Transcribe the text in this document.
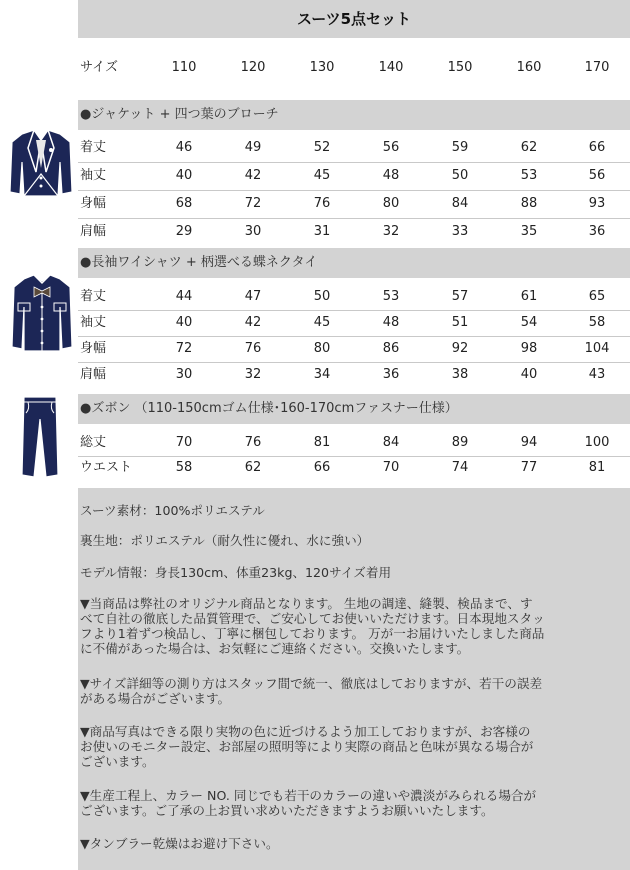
スーツ5点セット
サイズ	110	120	130	140	150	160	170
●ジャケット + 四つ葉のブローチ
着丈	46	49	52	56	59	62	66
袖丈	40	42	45	48	50	53	56
身幅	68	72	76	80	84	88	93
肩幅	29	30	31	32	33	35	36
●長袖ワイシャツ + 柄選べる蝶ネクタイ
着丈	44	47	50	53	57	61	65
袖丈	40	42	45	48	51	54	58
身幅	72	76	80	86	92	98	104
肩幅	30	32	34	36	38	40	43
●ズボン （110-150cmゴム仕様･160-170cmファスナー仕様）
総丈	70	76	81	84	89	94	100
ウエスト	58	62	66	70	74	77	81
スーツ素材：100%ポリエステル
裏生地：ポリエステル（耐久性に優れ、水に強い）
モデル情報：身長130cm、体重23kg、120サイズ着用
▼当商品は弊社のオリジナル商品となります。 生地の調達、縫製、検品まで、す
べて自社の徹底した品質管理で、ご安心してお使いいただけます。日本現地スタッ
フより1着ずつ検品し、丁寧に梱包しております。 万が一お届けいたしました商品
に不備があった場合は、お気軽にご連絡ください。交換いたします。
▼サイズ詳細等の測り方はスタッフ間で統一、徹底はしておりますが、若干の誤差
がある場合がございます。
▼商品写真はできる限り実物の色に近づけるよう加工しておりますが、お客様の
お使いのモニター設定、お部屋の照明等により実際の商品と色味が異なる場合が
ございます。
▼生産工程上、カラー NO. 同じでも若干のカラーの違いや濃淡がみられる場合が
ございます。ご了承の上お買い求めいただきますようお願いいたします。
▼タンブラー乾燥はお避け下さい。
